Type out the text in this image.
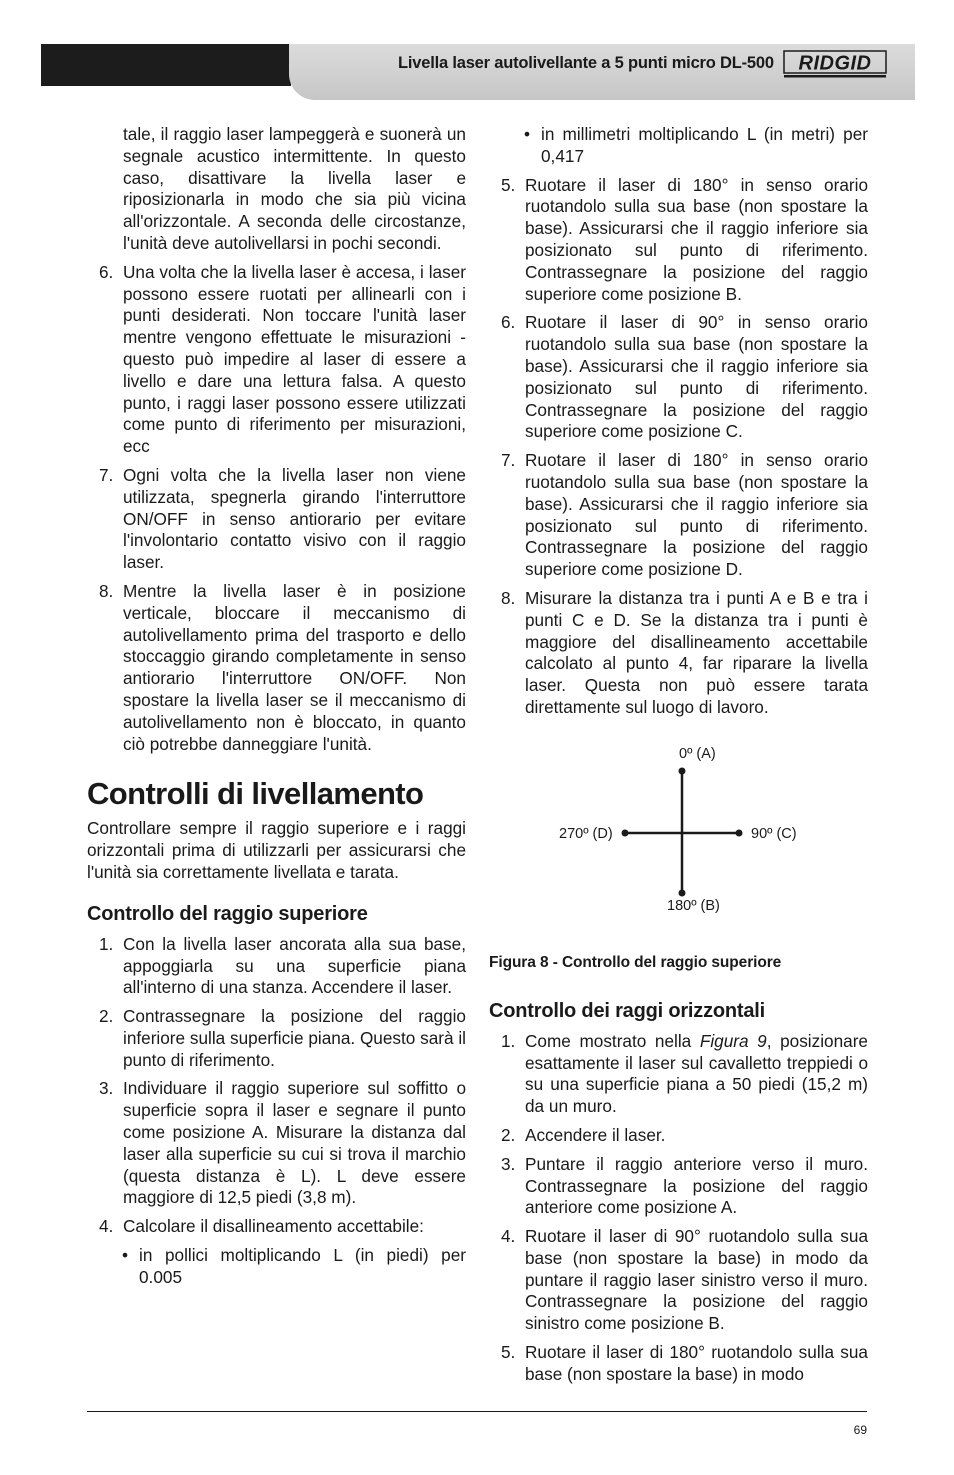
Livella laser autolivellante a 5 punti micro DL-500 RIDGID
tale, il raggio laser lampeggerà e suonerà un segnale acustico intermittente. In questo caso, disattivare la livella laser e riposizionarla in modo che sia più vicina all'orizzontale. A seconda delle circostanze, l'unità deve autolivellarsi in pochi secondi.
6. Una volta che la livella laser è accesa, i laser possono essere ruotati per allinearli con i punti desiderati. Non toccare l'unità laser mentre vengono effettuate le misurazioni - questo può impedire al laser di essere a livello e dare una lettura falsa. A questo punto, i raggi laser possono essere utilizzati come punto di riferimento per misurazioni, ecc
7. Ogni volta che la livella laser non viene utilizzata, spegnerla girando l'interruttore ON/OFF in senso antiorario per evitare l'involontario contatto visivo con il raggio laser.
8. Mentre la livella laser è in posizione verticale, bloccare il meccanismo di autolivellamento prima del trasporto e dello stoccaggio girando completamente in senso antiorario l'interruttore ON/OFF. Non spostare la livella laser se il meccanismo di autolivellamento non è bloccato, in quanto ciò potrebbe danneggiare l'unità.
Controlli di livellamento

Controllare sempre il raggio superiore e i raggi orizzontali prima di utilizzarli per assicurarsi che l'unità sia correttamente livellata e tarata.

Controllo del raggio superiore
1. Con la livella laser ancorata alla sua base, appoggiarla su una superficie piana all'interno di una stanza. Accendere il laser.
2. Contrassegnare la posizione del raggio inferiore sulla superficie piana. Questo sarà il punto di riferimento.
3. Individuare il raggio superiore sul soffitto o superficie sopra il laser e segnare il punto come posizione A. Misurare la distanza dal laser alla superficie su cui si trova il marchio (questa distanza è L). L deve essere maggiore di 12,5 piedi (3,8 m).
4. Calcolare il disallineamento accettabile:
• in pollici moltiplicando L (in piedi) per 0.005
• in millimetri moltiplicando L (in metri) per 0,417
5. Ruotare il laser di 180° in senso orario ruotandolo sulla sua base (non spostare la base). Assicurarsi che il raggio inferiore sia posizionato sul punto di riferimento. Contrassegnare la posizione del raggio superiore come posizione B.
6. Ruotare il laser di 90° in senso orario ruotandolo sulla sua base (non spostare la base). Assicurarsi che il raggio inferiore sia posizionato sul punto di riferimento. Contrassegnare la posizione del raggio superiore come posizione C.
7. Ruotare il laser di 180° in senso orario ruotandolo sulla sua base (non spostare la base). Assicurarsi che il raggio inferiore sia posizionato sul punto di riferimento. Contrassegnare la posizione del raggio superiore come posizione D.
8. Misurare la distanza tra i punti A e B e tra i punti C e D. Se la distanza tra i punti è maggiore del disallineamento accettabile calcolato al punto 4, far riparare la livella laser. Questa non può essere tarata direttamente sul luogo di lavoro.
0º (A)
270º (D)	90º (C)
180º (B)
Figura 8 - Controllo del raggio superiore
Controllo dei raggi orizzontali
1. Come mostrato nella Figura 9, posizionare esattamente il laser sul cavalletto treppiedi o su una superficie piana a 50 piedi (15,2 m) da un muro.
2. Accendere il laser.
3. Puntare il raggio anteriore verso il muro. Contrassegnare la posizione del raggio anteriore come posizione A.
4. Ruotare il laser di 90° ruotandolo sulla sua base (non spostare la base) in modo da puntare il raggio laser sinistro verso il muro. Contrassegnare la posizione del raggio sinistro come posizione B.
5. Ruotare il laser di 180° ruotandolo sulla sua base (non spostare la base) in modo
69
